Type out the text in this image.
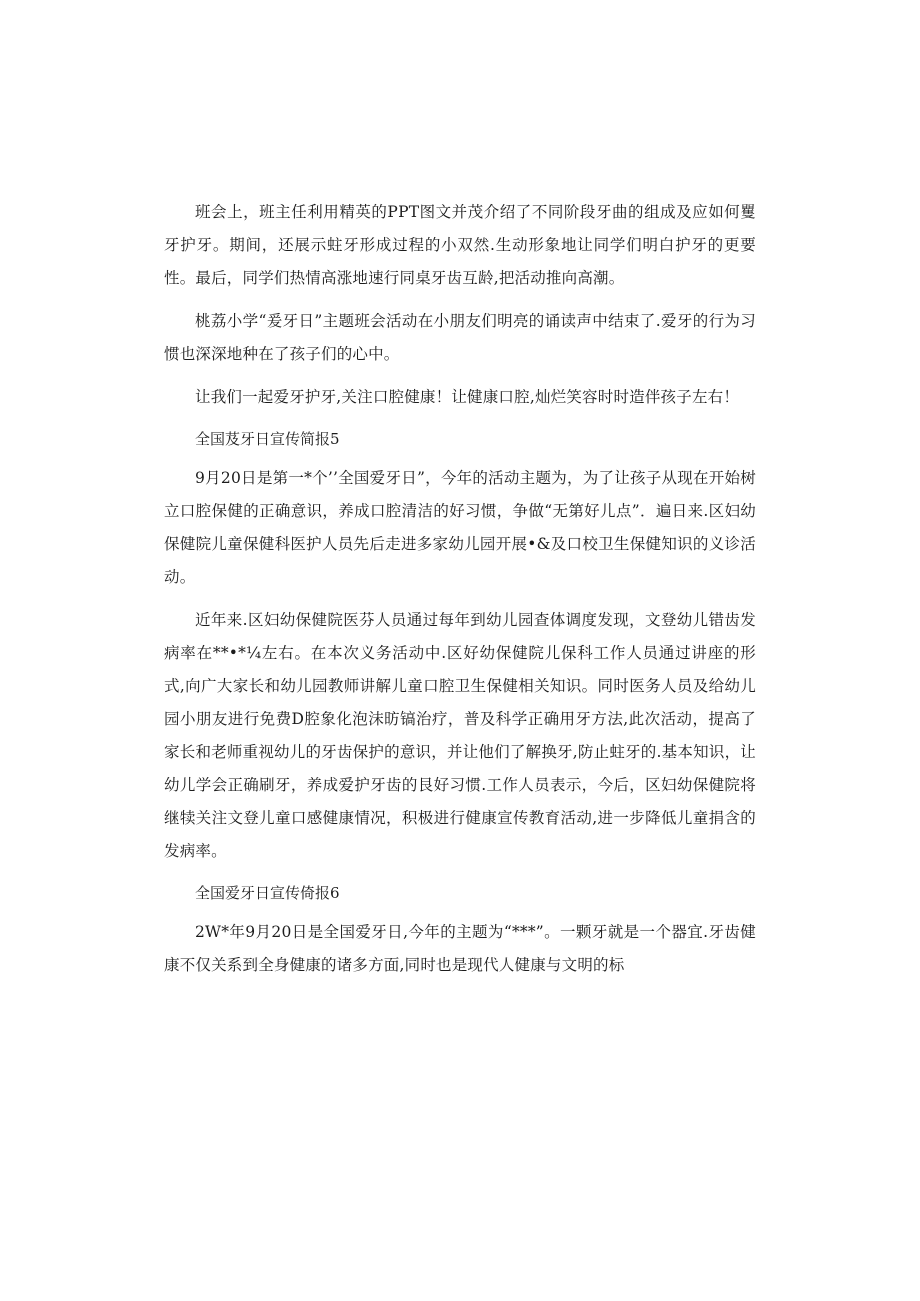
班会上，班主任利用精英的PPT图文并茂介绍了不同阶段牙曲的组成及应如何矍牙护牙。期间，还展示蛀牙形成过程的小双然.生动形象地让同学们明白护牙的更要性。最后，同学们热情高涨地速行同桌牙齿互龄,把活动推向高潮。

桃荔小学“爰牙日”主题班会活动在小朋友们明亮的诵读声中结束了.爱牙的行为习惯也深深地种在了孩子们的心中。

让我们一起爱牙护牙,关注口腔健康！让健康口腔,灿烂笑容时时造伴孩子左右！

全国芨牙日宣传简报5

9月20日是第一*个’’全国爱牙日”，今年的活动主题为，为了让孩子从现在开始树立口腔保健的正确意识，养成口腔清洁的好习惯，争做“无第好儿点”．遍日来.区妇幼保健院儿童保健科医护人员先后走进多家幼儿园开展•&及口校卫生保健知识的义诊活动。

近年来.区妇幼保健院医芬人员通过每年到幼儿园查体调度发现，文登幼儿错齿发病率在**•*¼左右。在本次义务活动中.区好幼保健院儿保科工作人员通过讲座的形式,向广大家长和幼儿园教师讲解儿童口腔卫生保健相关知识。同时医务人员及给幼儿园小朋友进行免费D腔象化泡沫昉镐治疗，普及科学正确用牙方法,此次活动，提高了家长和老师重视幼儿的牙齿保护的意识，并让他们了解换牙,防止蛀牙的.基本知识，让幼儿学会正确刷牙，养成爱护牙齿的艮好习惯.工作人员表示，今后，区妇幼保健院将继犊关注文登儿童口感健康情况，积极进行健康宣传教育活动,进一步降低儿童捐含的发病率。

全国爱牙日宣传倚报6

2W*年9月20日是全国爱牙日,今年的主题为“***”。一颗牙就是一个器宜.牙齿健康不仅关系到全身健康的诸多方面,同时也是现代人健康与文明的标
